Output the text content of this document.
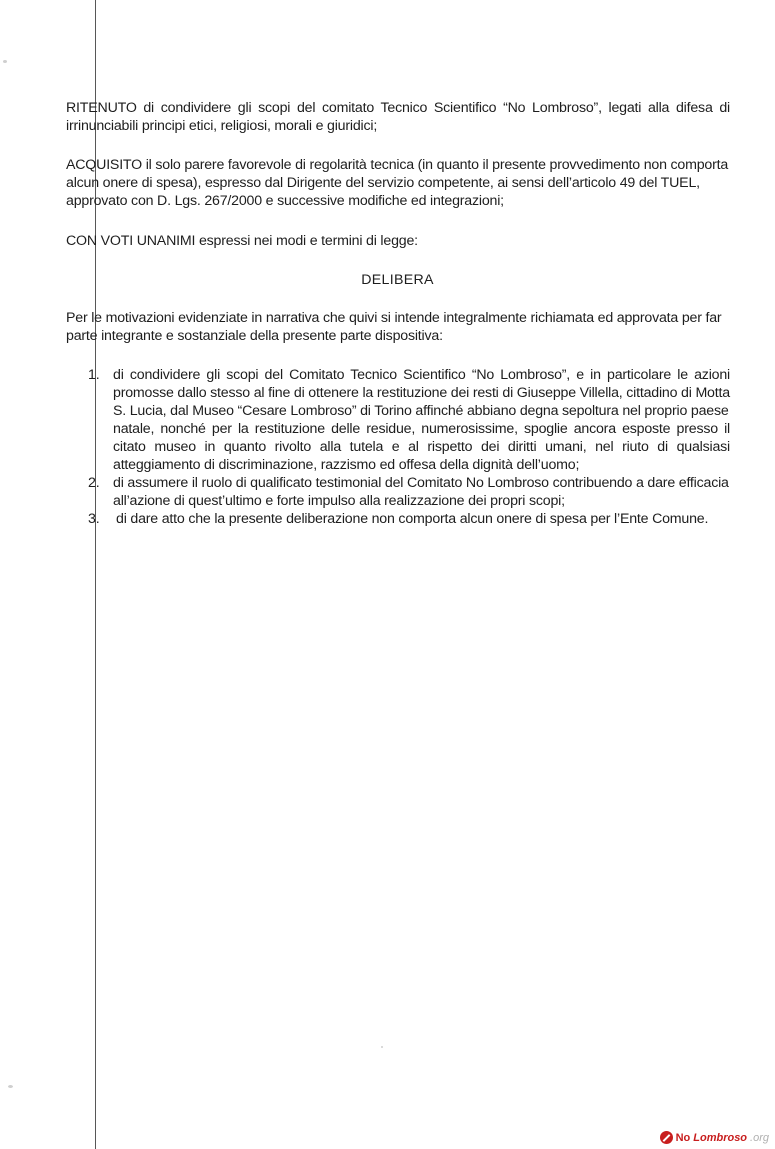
RITENUTO di condividere gli scopi del comitato Tecnico Scientifico “No Lombroso”, legati alla difesa di
irrinunciabili principi etici, religiosi, morali e giuridici;
ACQUISITO il solo parere favorevole di regolarità tecnica (in quanto il presente provvedimento non comporta
alcun onere di spesa), espresso dal Dirigente del servizio competente, ai sensi dell’articolo 49 del TUEL,
approvato con D. Lgs. 267/2000 e successive modifiche ed integrazioni;
CON VOTI UNANIMI espressi nei modi e termini di legge:
DELIBERA
Per le motivazioni evidenziate in narrativa che quivi si intende integralmente richiamata ed approvata per far
parte integrante e sostanziale della presente parte dispositiva:
1. di condividere gli scopi del Comitato Tecnico Scientifico “No Lombroso”, e in particolare le azioni
promosse dallo stesso al fine di ottenere la restituzione dei resti di Giuseppe Villella, cittadino di Motta
S. Lucia, dal Museo “Cesare Lombroso” di Torino affinché abbiano degna sepoltura nel proprio paese
natale, nonché per la restituzione delle residue, numerosissime, spoglie ancora esposte presso il
citato museo in quanto rivolto alla tutela e al rispetto dei diritti umani, nel riuto di qualsiasi
atteggiamento di discriminazione, razzismo ed offesa della dignità dell’uomo;
2. di assumere il ruolo di qualificato testimonial del Comitato No Lombroso contribuendo a dare efficacia
all’azione di quest’ultimo e forte impulso alla realizzazione dei propri scopi;
3.	di dare atto che la presente deliberazione non comporta alcun onere di spesa per l’Ente Comune.
No Lombroso .org
